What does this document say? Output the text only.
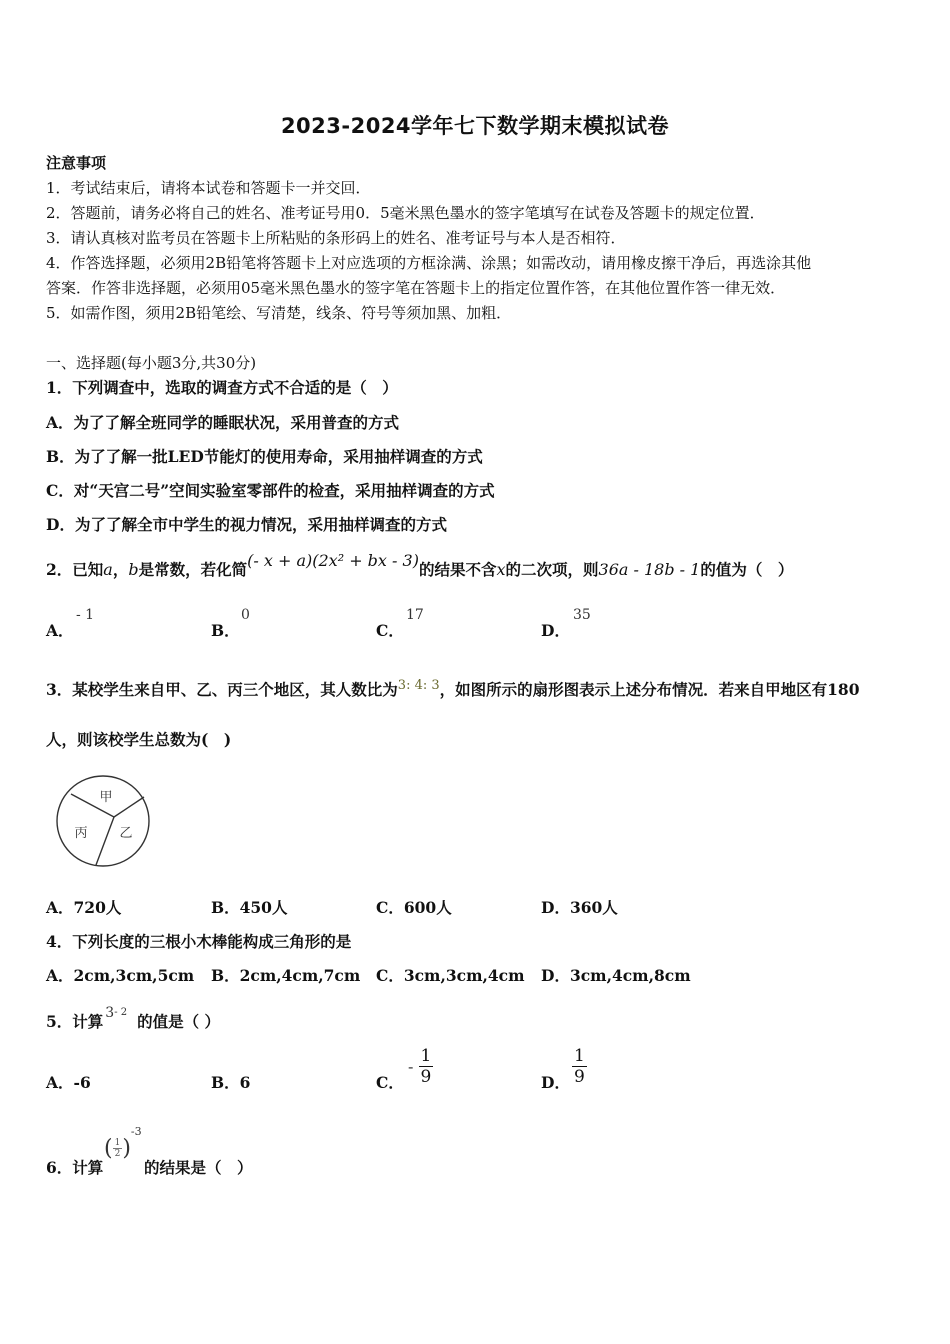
2023-2024学年七下数学期末模拟试卷
注意事项
1．考试结束后，请将本试卷和答题卡一并交回．
2．答题前，请务必将自己的姓名、准考证号用0．5毫米黑色墨水的签字笔填写在试卷及答题卡的规定位置．
3．请认真核对监考员在答题卡上所粘贴的条形码上的姓名、准考证号与本人是否相符．
4．作答选择题，必须用2B铅笔将答题卡上对应选项的方框涂满、涂黑；如需改动，请用橡皮擦干净后，再选涂其他
答案．作答非选择题，必须用05毫米黑色墨水的签字笔在答题卡上的指定位置作答，在其他位置作答一律无效．
5．如需作图，须用2B铅笔绘、写清楚，线条、符号等须加黑、加粗．
一、选择题(每小题3分,共30分)
1．下列调查中，选取的调查方式不合适的是（　）
A．为了了解全班同学的睡眠状况，采用普查的方式
B．为了了解一批LED节能灯的使用寿命，采用抽样调查的方式
C．对“天宫二号”空间实验室零部件的检查，采用抽样调查的方式
D．为了了解全市中学生的视力情况，采用抽样调查的方式
2．已知a，b是常数，若化简(- x + a)(2x² + bx - 3)的结果不含x的二次项，则36a - 18b - 1的值为（　）
A．
- 1
B．
0
C．
17
D．
35
3．某校学生来自甲、乙、丙三个地区，其人数比为$^{3: 4: 3}$，如图所示的扇形图表示上述分布情况．若来自甲地区有180
人，则该校学生总数为(　)
甲
丙 乙
A．720人	B．450人	C．600人	D．360人
4．下列长度的三根小木棒能构成三角形的是
A．2cm,3cm,5cm B．2cm,4cm,7cm C．3cm,3cm,4cm D．3cm,4cm,8cm
5．计算 $3^{- 2}$ 的值是（ ）
A．-6	B．6	C．
- $\frac{1}{9}$	D． $\frac{1}{9}$
6．计算
( $\frac{1}{2} )^{-3}$
的结果是（　）
